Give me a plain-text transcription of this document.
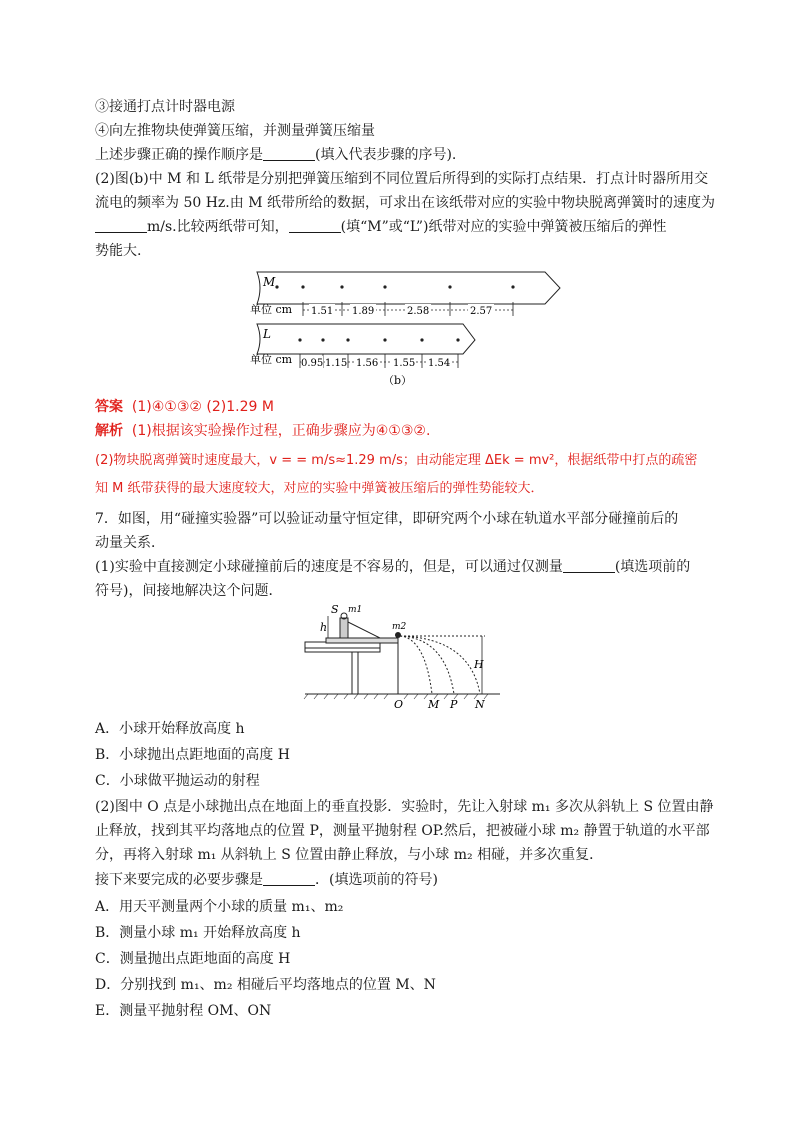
③接通打点计时器电源
④向左推物块使弹簧压缩，并测量弹簧压缩量
上述步骤正确的操作顺序是	(填入代表步骤的序号).
(2)图(b)中 M 和 L 纸带是分别把弹簧压缩到不同位置后所得到的实际打点结果．打点计时器所用交
流电的频率为 50 Hz.由 M 纸带所给的数据，可求出在该纸带对应的实验中物块脱离弹簧时的速度为
m/s.比较两纸带可知，	(填“M”或“L”)纸带对应的实验中弹簧被压缩后的弹性
势能大.
M
单位 cm 1.51 1.89	2.58	2.57
L
单位 cm 0.95 1.15 1.56 1.55 1.54
（b）
答案 (1)④①③② (2)1.29 M
解析 (1)根据该实验操作过程，正确步骤应为④①③②.
(2)物块脱离弹簧时速度最大，v = = m/s≈1.29 m/s；由动能定理 ΔEk = mv²，根据纸带中打点的疏密
知 M 纸带获得的最大速度较大，对应的实验中弹簧被压缩后的弹性势能较大．
7．如图，用“碰撞实验器”可以验证动量守恒定律，即研究两个小球在轨道水平部分碰撞前后的
动量关系．
(1)实验中直接测定小球碰撞前后的速度是不容易的，但是，可以通过仅测量	(填选项前的
符号)，间接地解决这个问题．
S m1
m2
h
H
O M P N
A．小球开始释放高度 h
B．小球抛出点距地面的高度 H
C．小球做平抛运动的射程
(2)图中 O 点是小球抛出点在地面上的垂直投影．实验时，先让入射球 m₁ 多次从斜轨上 S 位置由静
止释放，找到其平均落地点的位置 P，测量平抛射程 OP.然后，把被碰小球 m₂ 静置于轨道的水平部
分，再将入射球 m₁ 从斜轨上 S 位置由静止释放，与小球 m₂ 相碰，并多次重复．
接下来要完成的必要步骤是	．(填选项前的符号)
A．用天平测量两个小球的质量 m₁、m₂
B．测量小球 m₁ 开始释放高度 h
C．测量抛出点距地面的高度 H
D．分别找到 m₁、m₂ 相碰后平均落地点的位置 M、N
E．测量平抛射程 OM、ON
